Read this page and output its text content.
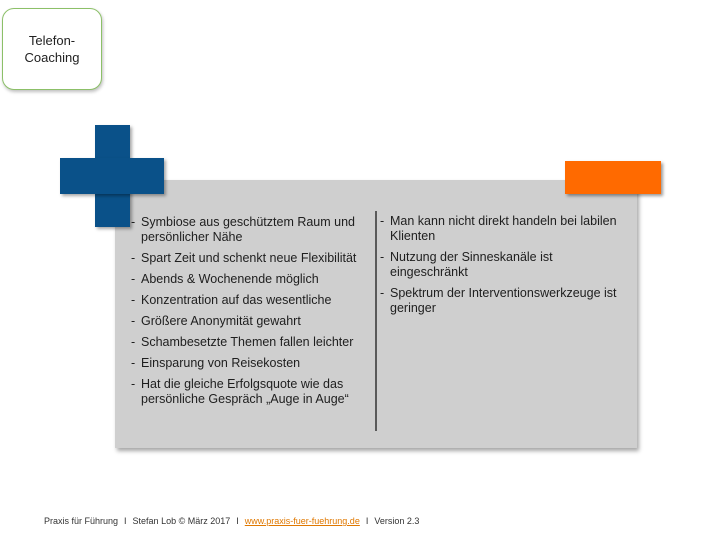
Telefon-
Coaching
- Symbiose aus geschütztem Raum und persönlicher Nähe
- Spart Zeit und schenkt neue Flexibilität
- Abends & Wochenende möglich
- Konzentration auf das wesentliche
- Größere Anonymität gewahrt
- Schambesetzte Themen fallen leichter
- Einsparung von Reisekosten
- Hat die gleiche Erfolgsquote wie das persönliche Gespräch „Auge in Auge“
- Man kann nicht direkt handeln bei labilen Klienten
- Nutzung der Sinneskanäle ist eingeschränkt
- Spektrum der Interventionswerkzeuge ist geringer
Praxis für Führung I Stefan Lob © März 2017 I www.praxis-fuer-fuehrung.de I Version 2.3
